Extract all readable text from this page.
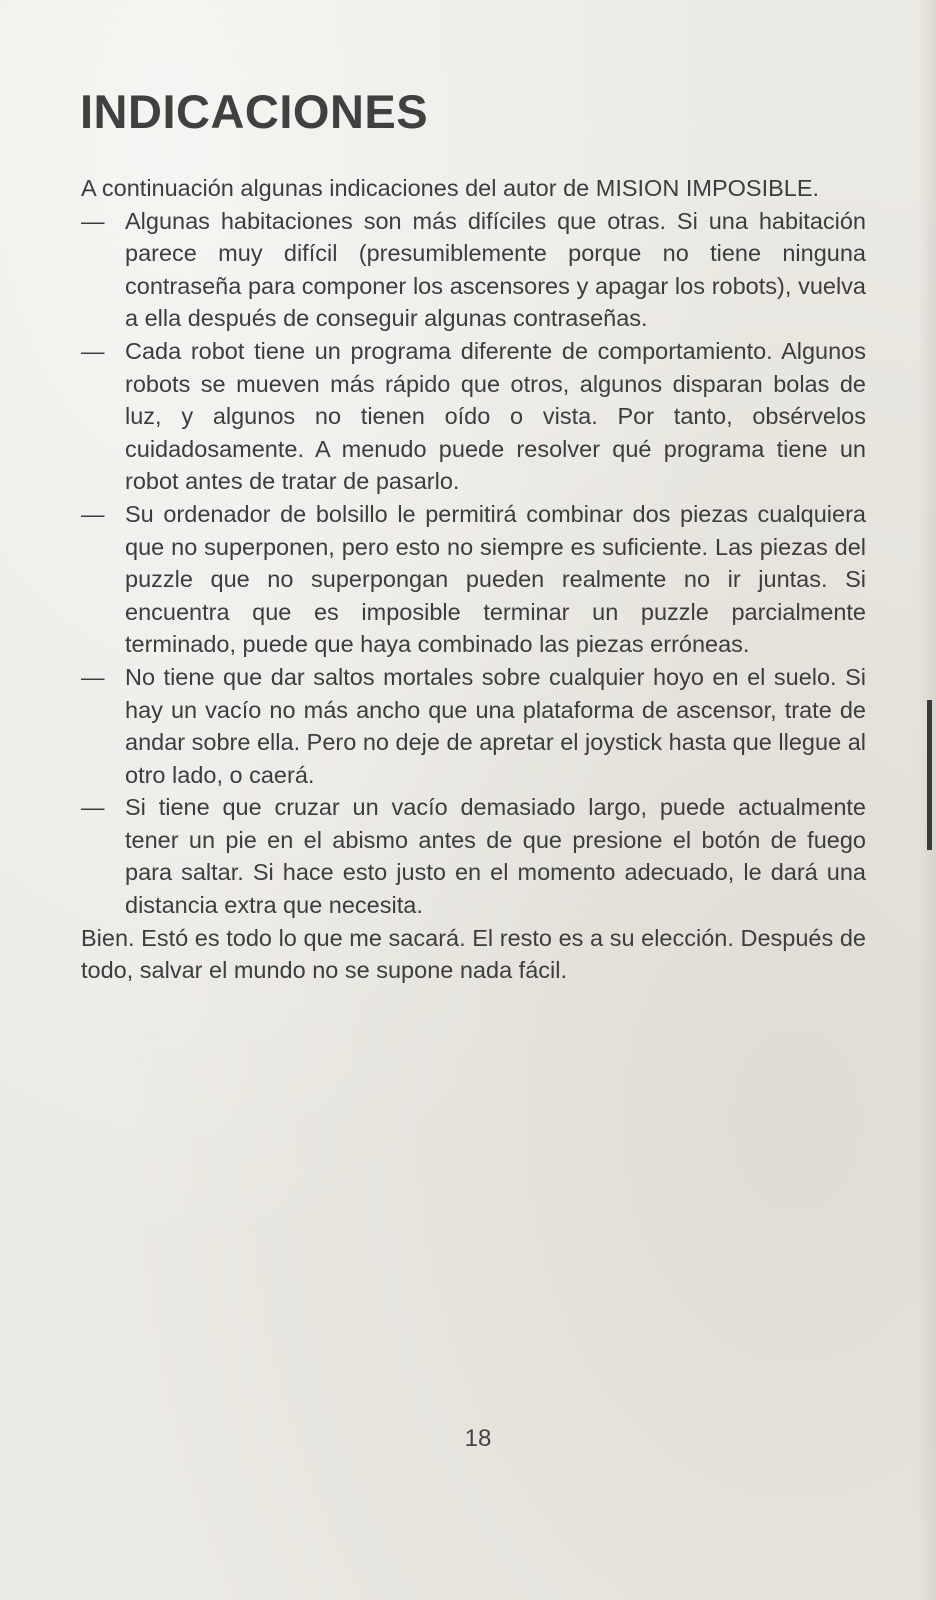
INDICACIONES

A continuación algunas indicaciones del autor de MISION IMPOSIBLE.

— Algunas habitaciones son más difíciles que otras. Si una habitación parece muy difícil (presumiblemente porque no tiene ninguna contraseña para componer los ascensores y apagar los robots), vuelva a ella después de conseguir algunas contraseñas.

— Cada robot tiene un programa diferente de comportamiento. Algunos robots se mueven más rápido que otros, algunos disparan bolas de luz, y algunos no tienen oído o vista. Por tanto, obsérvelos cuidadosamente. A menudo puede resolver qué programa tiene un robot antes de tratar de pasarlo.

— Su ordenador de bolsillo le permitirá combinar dos piezas cualquiera que no superponen, pero esto no siempre es suficiente. Las piezas del puzzle que no superpongan pueden realmente no ir juntas. Si encuentra que es imposible terminar un puzzle parcialmente terminado, puede que haya combinado las piezas erróneas.

— No tiene que dar saltos mortales sobre cualquier hoyo en el suelo. Si hay un vacío no más ancho que una plataforma de ascensor, trate de andar sobre ella. Pero no deje de apretar el joystick hasta que llegue al otro lado, o caerá.

— Si tiene que cruzar un vacío demasiado largo, puede actualmente tener un pie en el abismo antes de que presione el botón de fuego para saltar. Si hace esto justo en el momento adecuado, le dará una distancia extra que necesita.

Bien. Estó es todo lo que me sacará. El resto es a su elección. Después de todo, salvar el mundo no se supone nada fácil.

18
